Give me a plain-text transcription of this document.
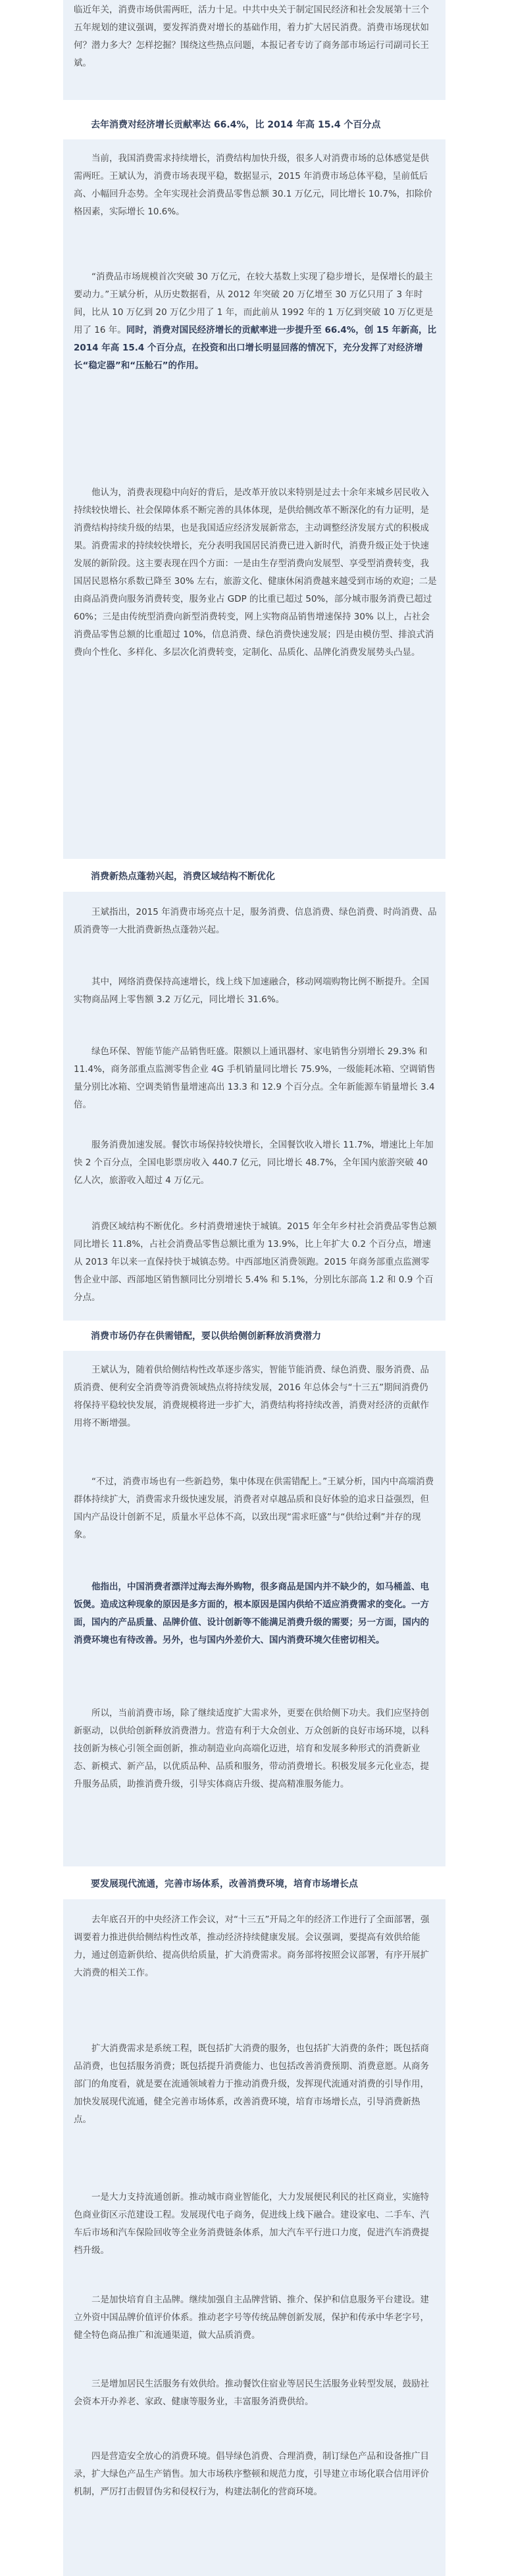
临近年关，消费市场供需两旺，活力十足。中共中央关于制定国民经济和社会发展第十三个五年规划的建议强调，要发挥消费对增长的基础作用，着力扩大居民消费。消费市场现状如何？潜力多大？怎样挖掘？围绕这些热点问题，本报记者专访了商务部市场运行司副司长王斌。

去年消费对经济增长贡献率达 66.4%，比 2014 年高 15.4 个百分点

当前，我国消费需求持续增长，消费结构加快升级，很多人对消费市场的总体感觉是供需两旺。王斌认为，消费市场表现平稳，数据显示，2015 年消费市场总体平稳，呈前低后高、小幅回升态势。全年实现社会消费品零售总额 30.1 万亿元，同比增长 10.7%，扣除价格因素，实际增长 10.6%。

“消费品市场规模首次突破 30 万亿元，在较大基数上实现了稳步增长，是保增长的最主要动力。”王斌分析，从历史数据看，从 2012 年突破 20 万亿增至 30 万亿只用了 3 年时间，比从 10 万亿到 20 万亿少用了 1 年，而此前从 1992 年的 1 万亿到突破 10 万亿更是用了 16 年。同时，消费对国民经济增长的贡献率进一步提升至 66.4%，创 15 年新高，比 2014 年高 15.4 个百分点，在投资和出口增长明显回落的情况下，充分发挥了对经济增长“稳定器”和“压舱石”的作用。

他认为，消费表现稳中向好的背后，是改革开放以来特别是过去十余年来城乡居民收入持续较快增长、社会保障体系不断完善的具体体现，是供给侧改革不断深化的有力证明，是消费结构持续升级的结果，也是我国适应经济发展新常态，主动调整经济发展方式的积极成果。消费需求的持续较快增长，充分表明我国居民消费已进入新时代，消费升级正处于快速发展的新阶段。这主要表现在四个方面：一是由生存型消费向发展型、享受型消费转变，我国居民恩格尔系数已降至 30% 左右，旅游文化、健康休闲消费越来越受到市场的欢迎；二是由商品消费向服务消费转变，服务业占 GDP 的比重已超过 50%，部分城市服务消费已超过 60%；三是由传统型消费向新型消费转变，网上实物商品销售增速保持 30% 以上，占社会消费品零售总额的比重超过 10%，信息消费、绿色消费快速发展；四是由模仿型、排浪式消费向个性化、多样化、多层次化消费转变，定制化、品质化、品牌化消费发展势头凸显。

消费新热点蓬勃兴起，消费区域结构不断优化

王斌指出，2015 年消费市场亮点十足，服务消费、信息消费、绿色消费、时尚消费、品质消费等一大批消费新热点蓬勃兴起。

其中，网络消费保持高速增长，线上线下加速融合，移动网端购物比例不断提升。全国实物商品网上零售额 3.2 万亿元，同比增长 31.6%。

绿色环保、智能节能产品销售旺盛。限额以上通讯器材、家电销售分别增长 29.3% 和 11.4%，商务部重点监测零售企业 4G 手机销量同比增长 75.9%，一级能耗冰箱、空调销售量分别比冰箱、空调类销售量增速高出 13.3 和 12.9 个百分点。全年新能源车销量增长 3.4 倍。

服务消费加速发展。餐饮市场保持较快增长，全国餐饮收入增长 11.7%，增速比上年加快 2 个百分点，全国电影票房收入 440.7 亿元，同比增长 48.7%，全年国内旅游突破 40 亿人次，旅游收入超过 4 万亿元。

消费区域结构不断优化。乡村消费增速快于城镇。2015 年全年乡村社会消费品零售总额同比增长 11.8%，占社会消费品零售总额比重为 13.9%，比上年扩大 0.2 个百分点，增速从 2013 年以来一直保持快于城镇态势。中西部地区消费领跑。2015 年商务部重点监测零售企业中部、西部地区销售额同比分别增长 5.4% 和 5.1%，分别比东部高 1.2 和 0.9 个百分点。

消费市场仍存在供需错配，要以供给侧创新释放消费潜力

王斌认为，随着供给侧结构性改革逐步落实，智能节能消费、绿色消费、服务消费、品质消费、便利安全消费等消费领域热点将持续发展，2016 年总体会与“十三五”期间消费仍将保持平稳较快发展，消费规模将进一步扩大，消费结构将持续改善，消费对经济的贡献作用将不断增强。

“不过，消费市场也有一些新趋势，集中体现在供需错配上。”王斌分析，国内中高端消费群体持续扩大，消费需求升级快速发展，消费者对卓越品质和良好体验的追求日益强烈，但国内产品设计创新不足，质量水平总体不高，以致出现“需求旺盛”与“供给过剩”并存的现象。

他指出，中国消费者漂洋过海去海外购物，很多商品是国内并不缺少的，如马桶盖、电饭煲。造成这种现象的原因是多方面的，根本原因是国内供给不适应消费需求的变化。一方面，国内的产品质量、品牌价值、设计创新等不能满足消费升级的需要；另一方面，国内的消费环境也有待改善。另外，也与国内外差价大、国内消费环境欠佳密切相关。

所以，当前消费市场，除了继续适度扩大需求外，更要在供给侧下功夫。我们应坚持创新驱动，以供给创新释放消费潜力。营造有利于大众创业、万众创新的良好市场环境，以科技创新为核心引领全面创新，推动制造业向高端化迈进，培育和发展多种形式的消费新业态、新模式、新产品，以优质品种、品质和服务，带动消费增长。积极发展多元化业态，提升服务品质，助推消费升级，引导实体商店升级、提高精准服务能力。

要发展现代流通，完善市场体系，改善消费环境，培育市场增长点

去年底召开的中央经济工作会议，对“十三五”开局之年的经济工作进行了全面部署，强调要着力推进供给侧结构性改革，推动经济持续健康发展。会议强调，要提高有效供给能力，通过创造新供给、提高供给质量，扩大消费需求。商务部将按照会议部署，有序开展扩大消费的相关工作。

扩大消费需求是系统工程，既包括扩大消费的服务，也包括扩大消费的条件；既包括商品消费，也包括服务消费；既包括提升消费能力、也包括改善消费预期、消费意愿。从商务部门的角度看，就是要在流通领域着力于推动消费升级，发挥现代流通对消费的引导作用，加快发展现代流通，健全完善市场体系，改善消费环境，培育市场增长点，引导消费新热点。

一是大力支持流通创新。推动城市商业智能化，大力发展便民利民的社区商业，实施特色商业街区示范建设工程。发展现代电子商务，促进线上线下融合。建设家电、二手车、汽车后市场和汽车保险回收等全业务消费链条体系，加大汽车平行进口力度，促进汽车消费提档升级。

二是加快培育自主品牌。继续加强自主品牌营销、推介、保护和信息服务平台建设。建立外资中国品牌价值评价体系。推动老字号等传统品牌创新发展，保护和传承中华老字号，健全特色商品推广和流通渠道，做大品质消费。

三是增加居民生活服务有效供给。推动餐饮住宿业等居民生活服务业转型发展，鼓励社会资本开办养老、家政、健康等服务业，丰富服务消费供给。

四是营造安全放心的消费环境。倡导绿色消费、合理消费，制订绿色产品和设备推广目录，扩大绿色产品生产销售。加大市场秩序整顿和规范力度，引导建立市场化联合信用评价机制，严厉打击假冒伪劣和侵权行为，构建法制化的营商环境。
